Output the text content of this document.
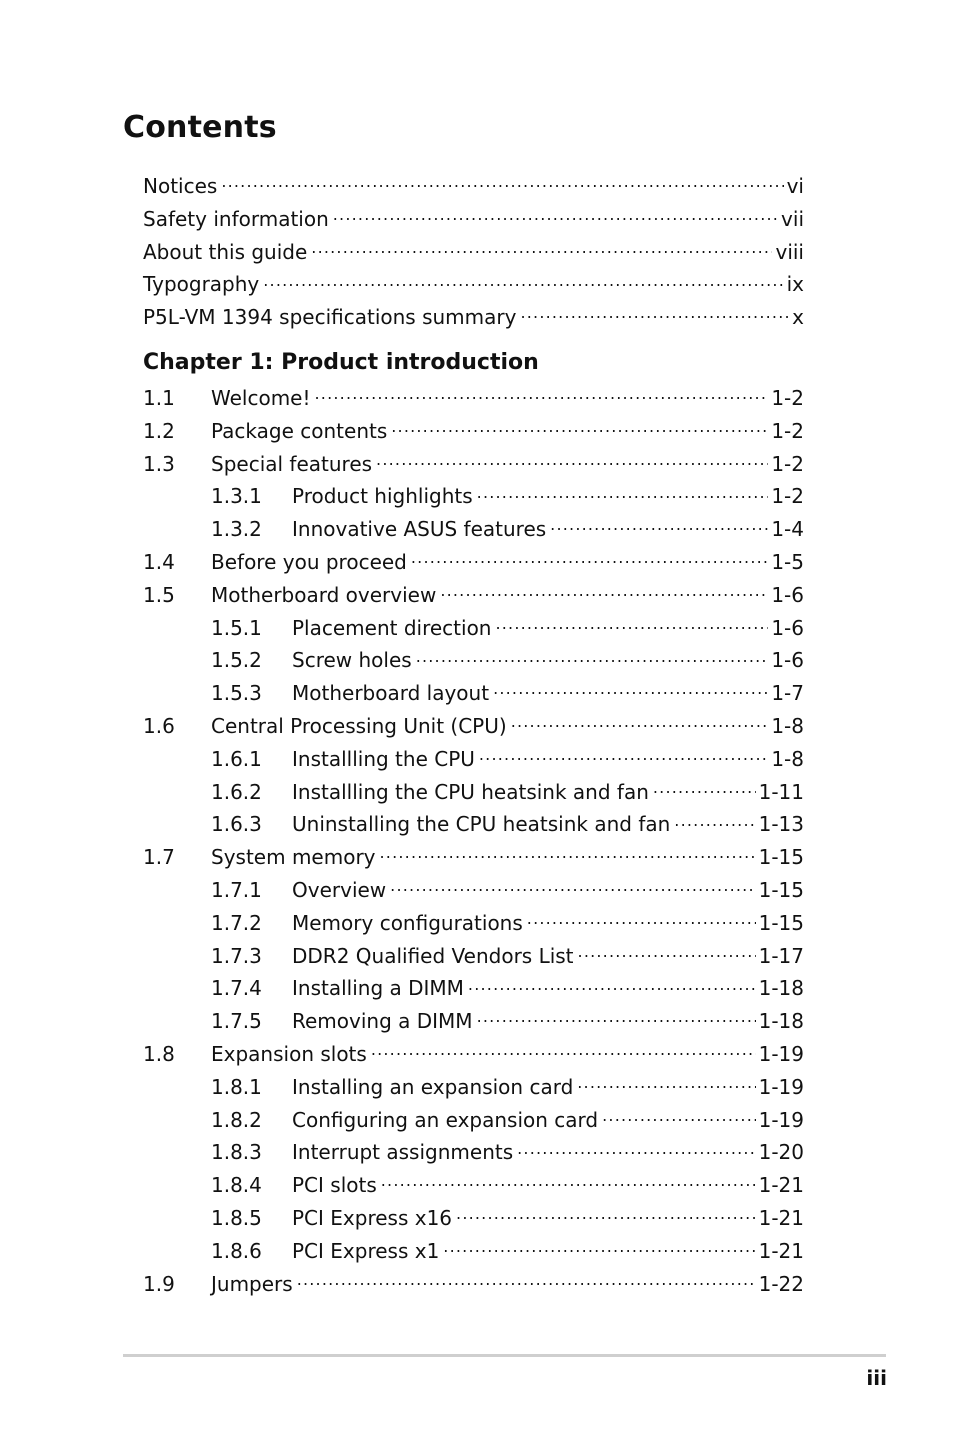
Contents
Notices .....	vi
Safety information .....	vii
About this guide .....	viii
Typography .....	ix
P5L-VM 1394 specifications summary .....	x
Chapter 1: Product introduction
1.1	Welcome! .....	1-2
1.2	Package contents .....	1-2
1.3	Special features .....	1-2
1.3.1	Product highlights .....	1-2
1.3.2	Innovative ASUS features .....	1-4
1.4	Before you proceed .....	1-5
1.5	Motherboard overview .....	1-6
1.5.1	Placement direction .....	1-6
1.5.2	Screw holes .....	1-6
1.5.3	Motherboard layout .....	1-7
1.6	Central Processing Unit (CPU) .....	1-8
1.6.1	Installling the CPU .....	1-8
1.6.2	Installling the CPU heatsink and fan .....	1-11
1.6.3	Uninstalling the CPU heatsink and fan .....	1-13
1.7	System memory .....	1-15
1.7.1	Overview .....	1-15
1.7.2	Memory configurations .....	1-15
1.7.3	DDR2 Qualified Vendors List .....	1-17
1.7.4	Installing a DIMM .....	1-18
1.7.5	Removing a DIMM .....	1-18
1.8	Expansion slots .....	1-19
1.8.1	Installing an expansion card .....	1-19
1.8.2	Configuring an expansion card .....	1-19
1.8.3	Interrupt assignments .....	1-20
1.8.4	PCI slots .....	1-21
1.8.5	PCI Express x16 .....	1-21
1.8.6	PCI Express x1 .....	1-21
1.9	Jumpers .....	1-22
iii
